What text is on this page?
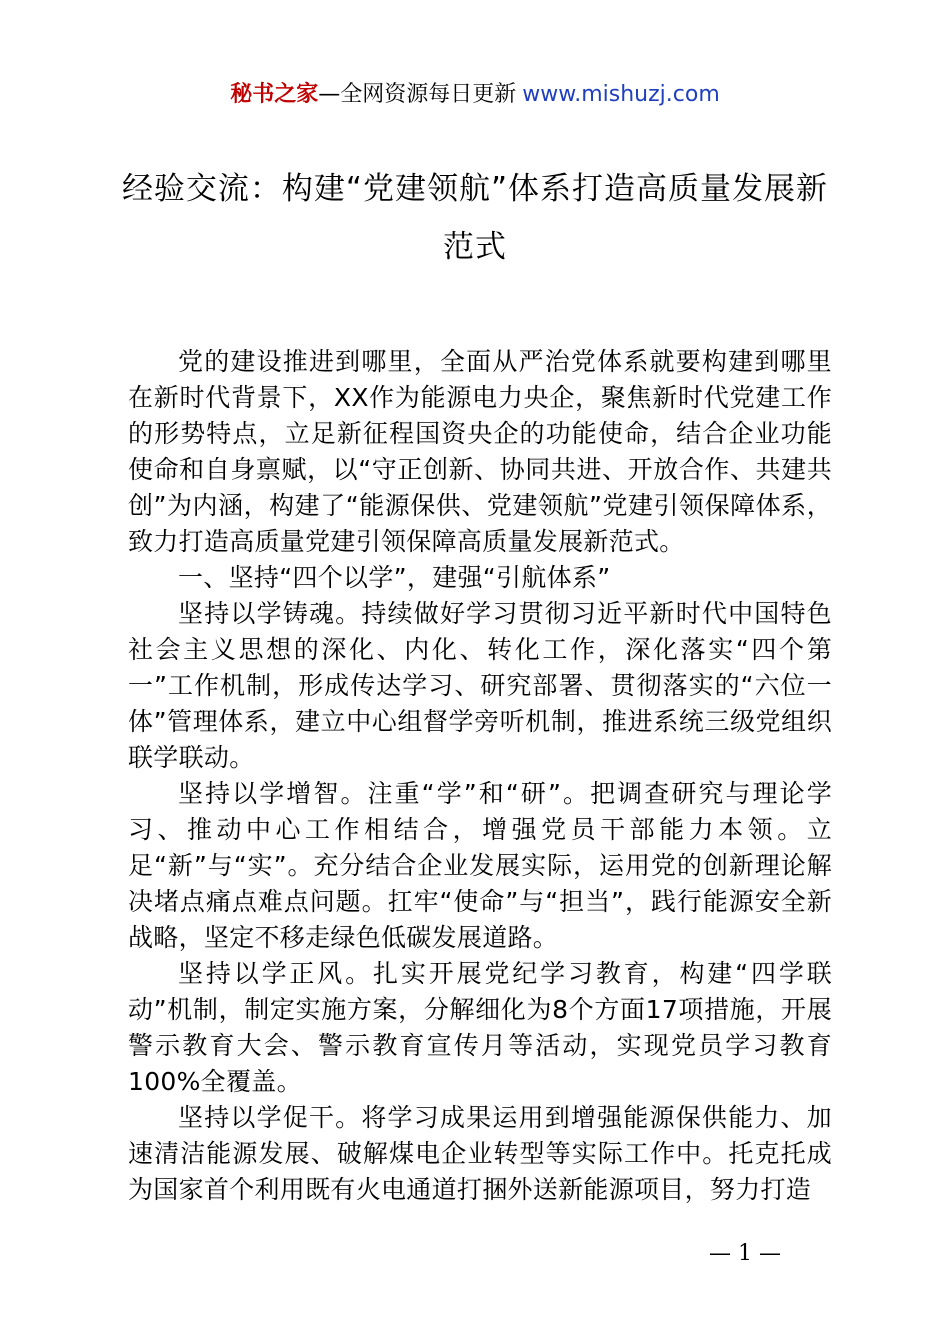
秘书之家—全网资源每日更新 www.mishuzj.com
经验交流：构建“党建领航”体系打造高质量发展新范式

党的建设推进到哪里，全面从严治党体系就要构建到哪里在新时代背景下，XX作为能源电力央企，聚焦新时代党建工作的形势特点，立足新征程国资央企的功能使命，结合企业功能使命和自身禀赋，以“守正创新、协同共进、开放合作、共建共创”为内涵，构建了“能源保供、党建领航”党建引领保障体系，致力打造高质量党建引领保障高质量发展新范式。

一、坚持“四个以学”，建强“引航体系”

坚持以学铸魂。持续做好学习贯彻习近平新时代中国特色社会主义思想的深化、内化、转化工作，深化落实“四个第一”工作机制，形成传达学习、研究部署、贯彻落实的“六位一体”管理体系，建立中心组督学旁听机制，推进系统三级党组织联学联动。

坚持以学增智。注重“学”和“研”。把调查研究与理论学习、推动中心工作相结合，增强党员干部能力本领。立足“新”与“实”。充分结合企业发展实际，运用党的创新理论解决堵点痛点难点问题。扛牢“使命”与“担当”，践行能源安全新战略，坚定不移走绿色低碳发展道路。

坚持以学正风。扎实开展党纪学习教育，构建“四学联动”机制，制定实施方案，分解细化为8个方面17项措施，开展警示教育大会、警示教育宣传月等活动，实现党员学习教育100%全覆盖。

坚持以学促干。将学习成果运用到增强能源保供能力、加速清洁能源发展、破解煤电企业转型等实际工作中。托克托成为国家首个利用既有火电通道打捆外送新能源项目，努力打造

— 1 —
